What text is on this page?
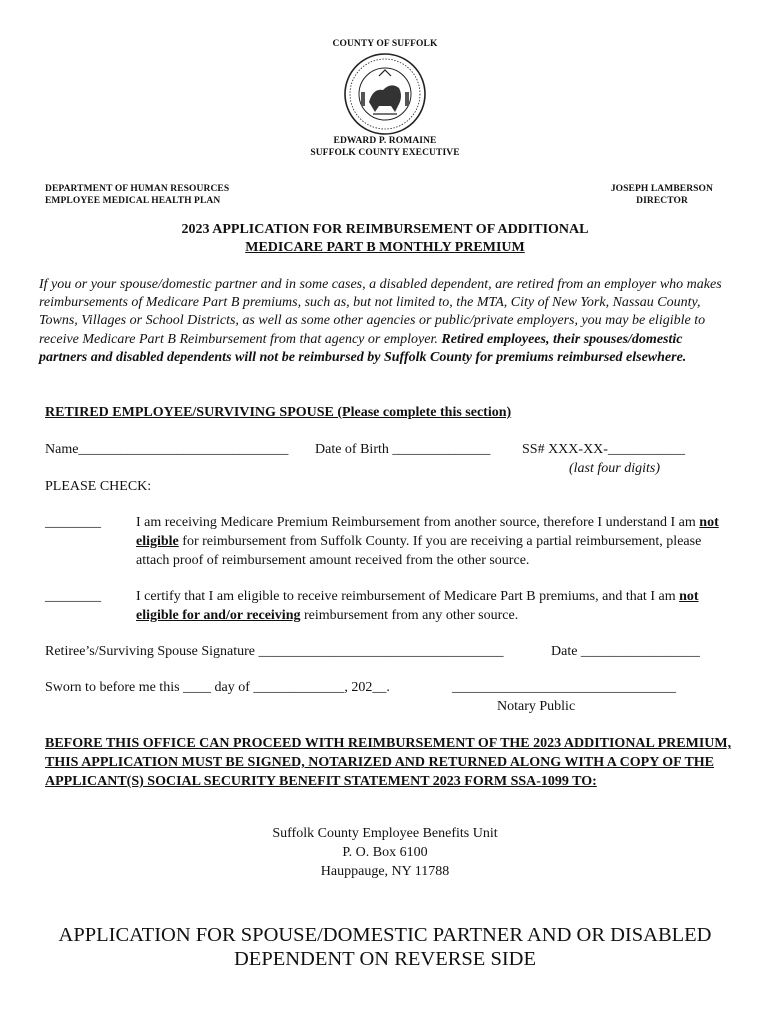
COUNTY OF SUFFOLK
EDWARD P. ROMAINE
SUFFOLK COUNTY EXECUTIVE
DEPARTMENT OF HUMAN RESOURCES
EMPLOYEE MEDICAL HEALTH PLAN
JOSEPH LAMBERSON
DIRECTOR
2023 APPLICATION FOR REIMBURSEMENT OF ADDITIONAL
MEDICARE PART B MONTHLY PREMIUM
If you or your spouse/domestic partner and in some cases, a disabled dependent, are retired from an employer who makes reimbursements of Medicare Part B premiums, such as, but not limited to, the MTA, City of New York, Nassau County, Towns, Villages or School Districts, as well as some other agencies or public/private employers, you may be eligible to receive Medicare Part B Reimbursement from that agency or employer. Retired employees, their spouses/domestic partners and disabled dependents will not be reimbursed by Suffolk County for premiums reimbursed elsewhere.
RETIRED EMPLOYEE/SURVIVING SPOUSE (Please complete this section)
Name______________________________ Date of Birth ______________ SS# XXX-XX-___________
(last four digits)
PLEASE CHECK:
________	I am receiving Medicare Premium Reimbursement from another source, therefore I understand I am not eligible for reimbursement from Suffolk County. If you are receiving a partial reimbursement, please attach proof of reimbursement amount received from the other source.
________	I certify that I am eligible to receive reimbursement of Medicare Part B premiums, and that I am not eligible for and/or receiving reimbursement from any other source.
Retiree’s/Surviving Spouse Signature ___________________________________	Date _________________
Sworn to before me this ____ day of _____________, 202__.	________________________________
Notary Public
BEFORE THIS OFFICE CAN PROCEED WITH REIMBURSEMENT OF THE 2023 ADDITIONAL PREMIUM, THIS APPLICATION MUST BE SIGNED, NOTARIZED AND RETURNED ALONG WITH A COPY OF THE APPLICANT(S) SOCIAL SECURITY BENEFIT STATEMENT 2023 FORM SSA-1099 TO:
Suffolk County Employee Benefits Unit
P. O. Box 6100
Hauppauge, NY 11788
APPLICATION FOR SPOUSE/DOMESTIC PARTNER AND OR DISABLED
DEPENDENT ON REVERSE SIDE
